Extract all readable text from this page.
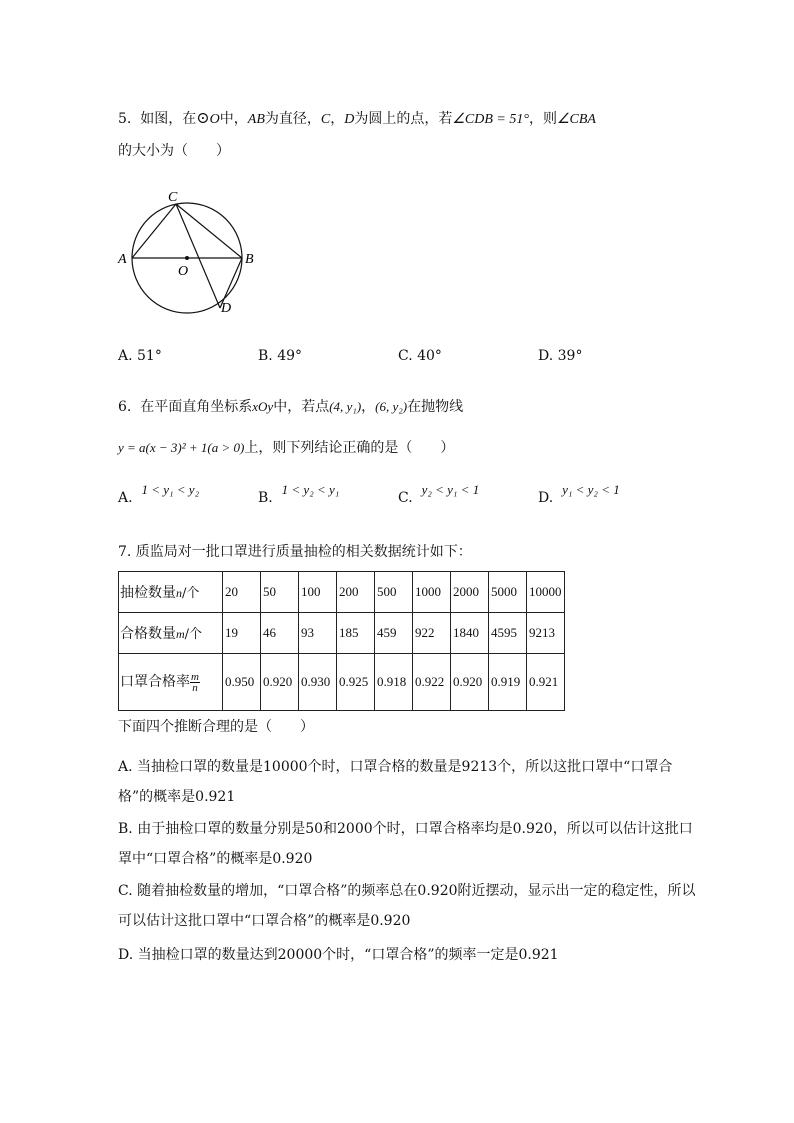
5. 如图，在⊙O中，AB为直径，C，D为圆上的点，若∠CDB = 51°，则∠CBA
的大小为（　　）
A	B
C
D
O
A. 51°	B. 49°	C. 40°	D. 39°
6. 在平面直角坐标系xOy中，若点(4, y₁)，(6, y₂)在抛物线
y = a(x − 3)² + 1(a > 0)上，则下列结论正确的是（　　）
A.  1 < y₁ < y₂
B.  1 < y₂ < y₁
C.  y₂ < y₁ < 1
D.  y₁ < y₂ < 1
7. 质监局对一批口罩进行质量抽检的相关数据统计如下：
抽检数量n/个	20	50	100	200	500	1000	2000	5000	10000
合格数量m/个	19	46	93	185	459	922	1840	4595	9213
口罩合格率 $\frac{m}{n}$	0.950	0.920	0.930	0.925	0.918	0.922	0.920	0.919	0.921
下面四个推断合理的是（　　）
A. 当抽检口罩的数量是10000个时，口罩合格的数量是9213个，所以这批口罩中“口罩合格”的概率是0.921
B. 由于抽检口罩的数量分别是50和2000个时，口罩合格率均是0.920，所以可以估计这批口罩中“口罩合格”的概率是0.920
C. 随着抽检数量的增加，“口罩合格”的频率总在0.920附近摆动，显示出一定的稳定性，所以可以估计这批口罩中“口罩合格”的概率是0.920
D. 当抽检口罩的数量达到20000个时，“口罩合格”的频率一定是0.921
